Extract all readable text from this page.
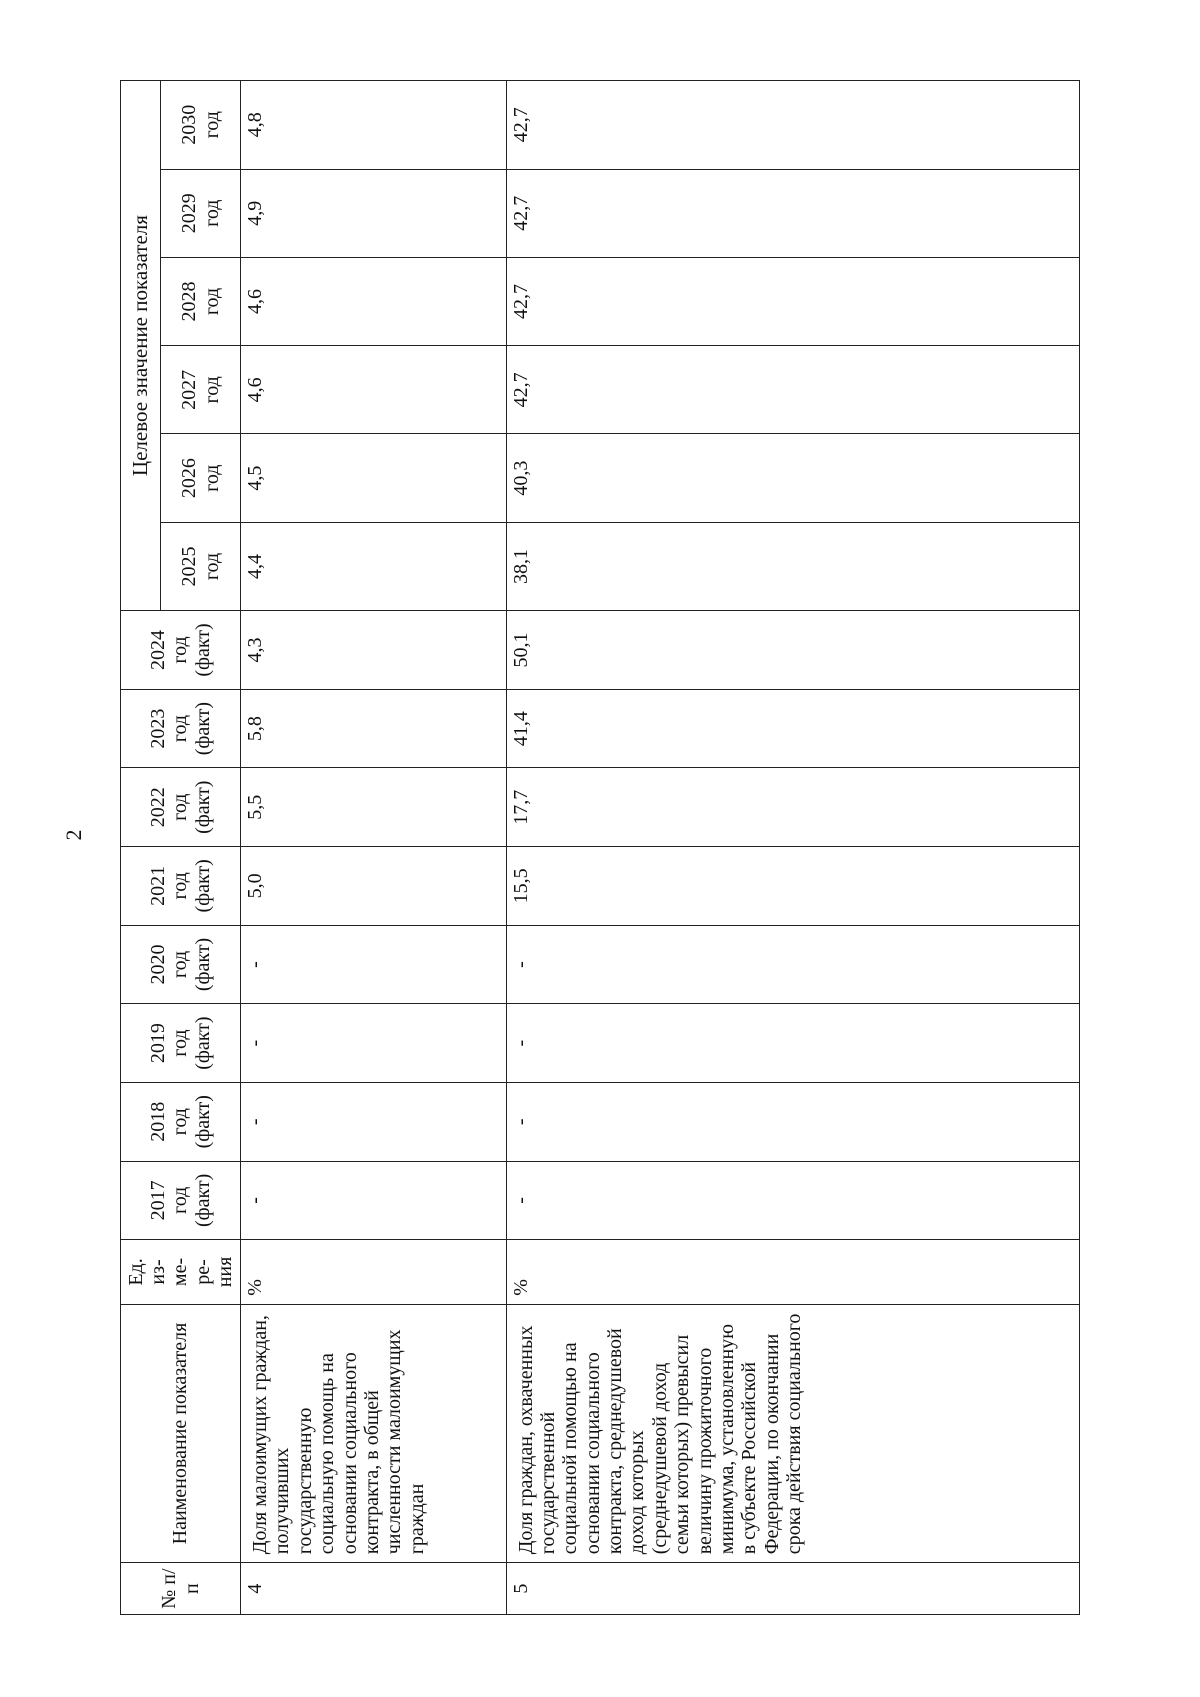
2
№ п/п	Наименование показателя	Ед. из- ме- ре- ния	2017 год (факт)	2018 год (факт)	2019 год (факт)	2020 год (факт)	2021 год (факт)	2022 год (факт)	2023 год (факт)	2024 год (факт)	Целевое значение показателя					

											2025 год	2026 год	2027 год	2028 год	2029 год	2030 год

4	Доля малоимущих граждан, получивших государственную социальную помощь на основании социального контракта, в общей численности малоимущих граждан	%	-	-	-	-	5,0	5,5	5,8	4,3	4,4	4,5	4,6	4,6	4,9	4,8
5	Доля граждан, охваченных государственной социальной помощью на основании социального контракта, среднедушевой доход которых (среднедушевой доход семьи которых) превысил величину прожиточного минимума, установленную в субъекте Российской Федерации, по окончании срока действия социального	%	-	-	-	-	15,5	17,7	41,4	50,1	38,1	40,3	42,7	42,7	42,7	42,7
